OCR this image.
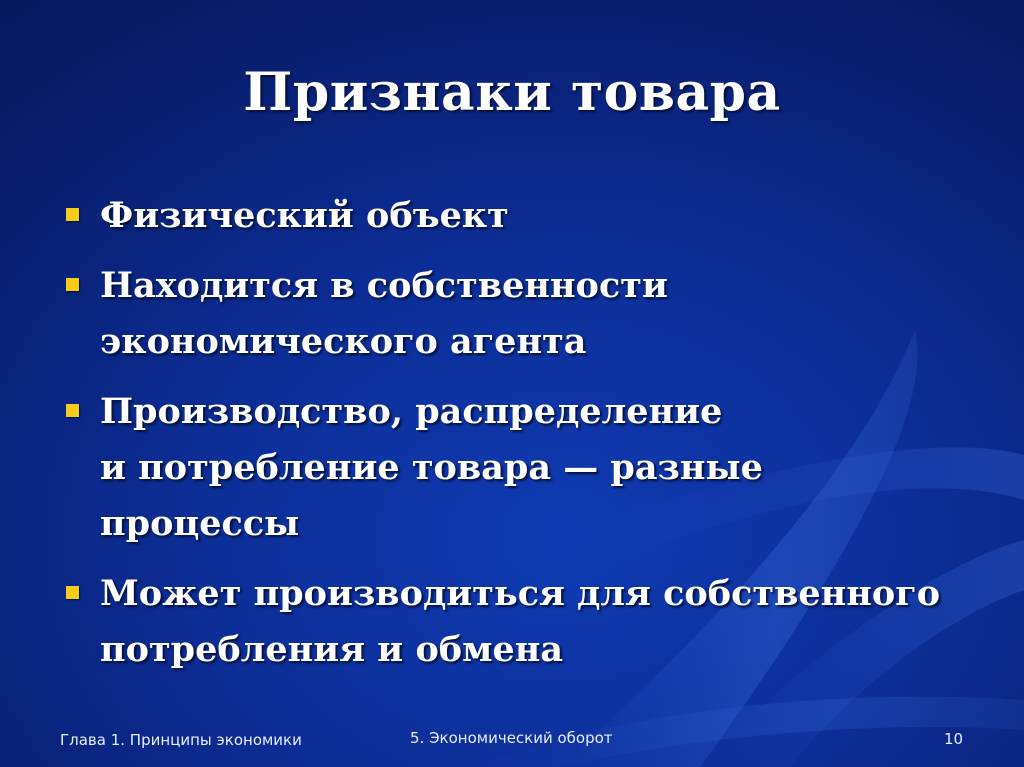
Признаки товара
Физический объект
Находится в собственности
экономического агента
Производство, распределение
и потребление товара — разные
процессы
Может производиться для собственного
потребления и обмена
Глава 1. Принципы экономики	5. Экономический оборот	10
